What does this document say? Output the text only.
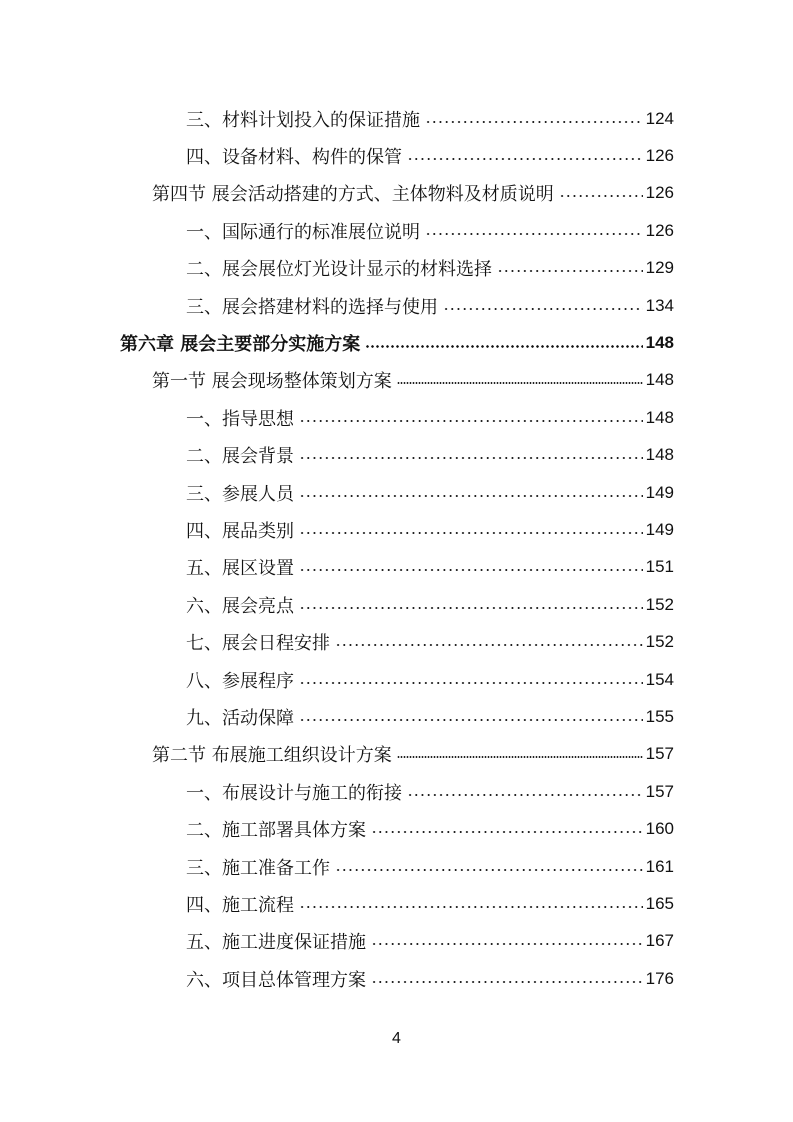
三、材料计划投入的保证措施	124
四、设备材料、构件的保管	126
第四节 展会活动搭建的方式、主体物料及材质说明	126
一、国际通行的标准展位说明	126
二、展会展位灯光设计显示的材料选择	129
三、展会搭建材料的选择与使用	134
第六章 展会主要部分实施方案	148
第一节 展会现场整体策划方案	148
一、指导思想	148
二、展会背景	148
三、参展人员	149
四、展品类别	149
五、展区设置	151
六、展会亮点	152
七、展会日程安排	152
八、参展程序	154
九、活动保障	155
第二节 布展施工组织设计方案	157
一、布展设计与施工的衔接	157
二、施工部署具体方案	160
三、施工准备工作	161
四、施工流程	165
五、施工进度保证措施	167
六、项目总体管理方案	176
4
